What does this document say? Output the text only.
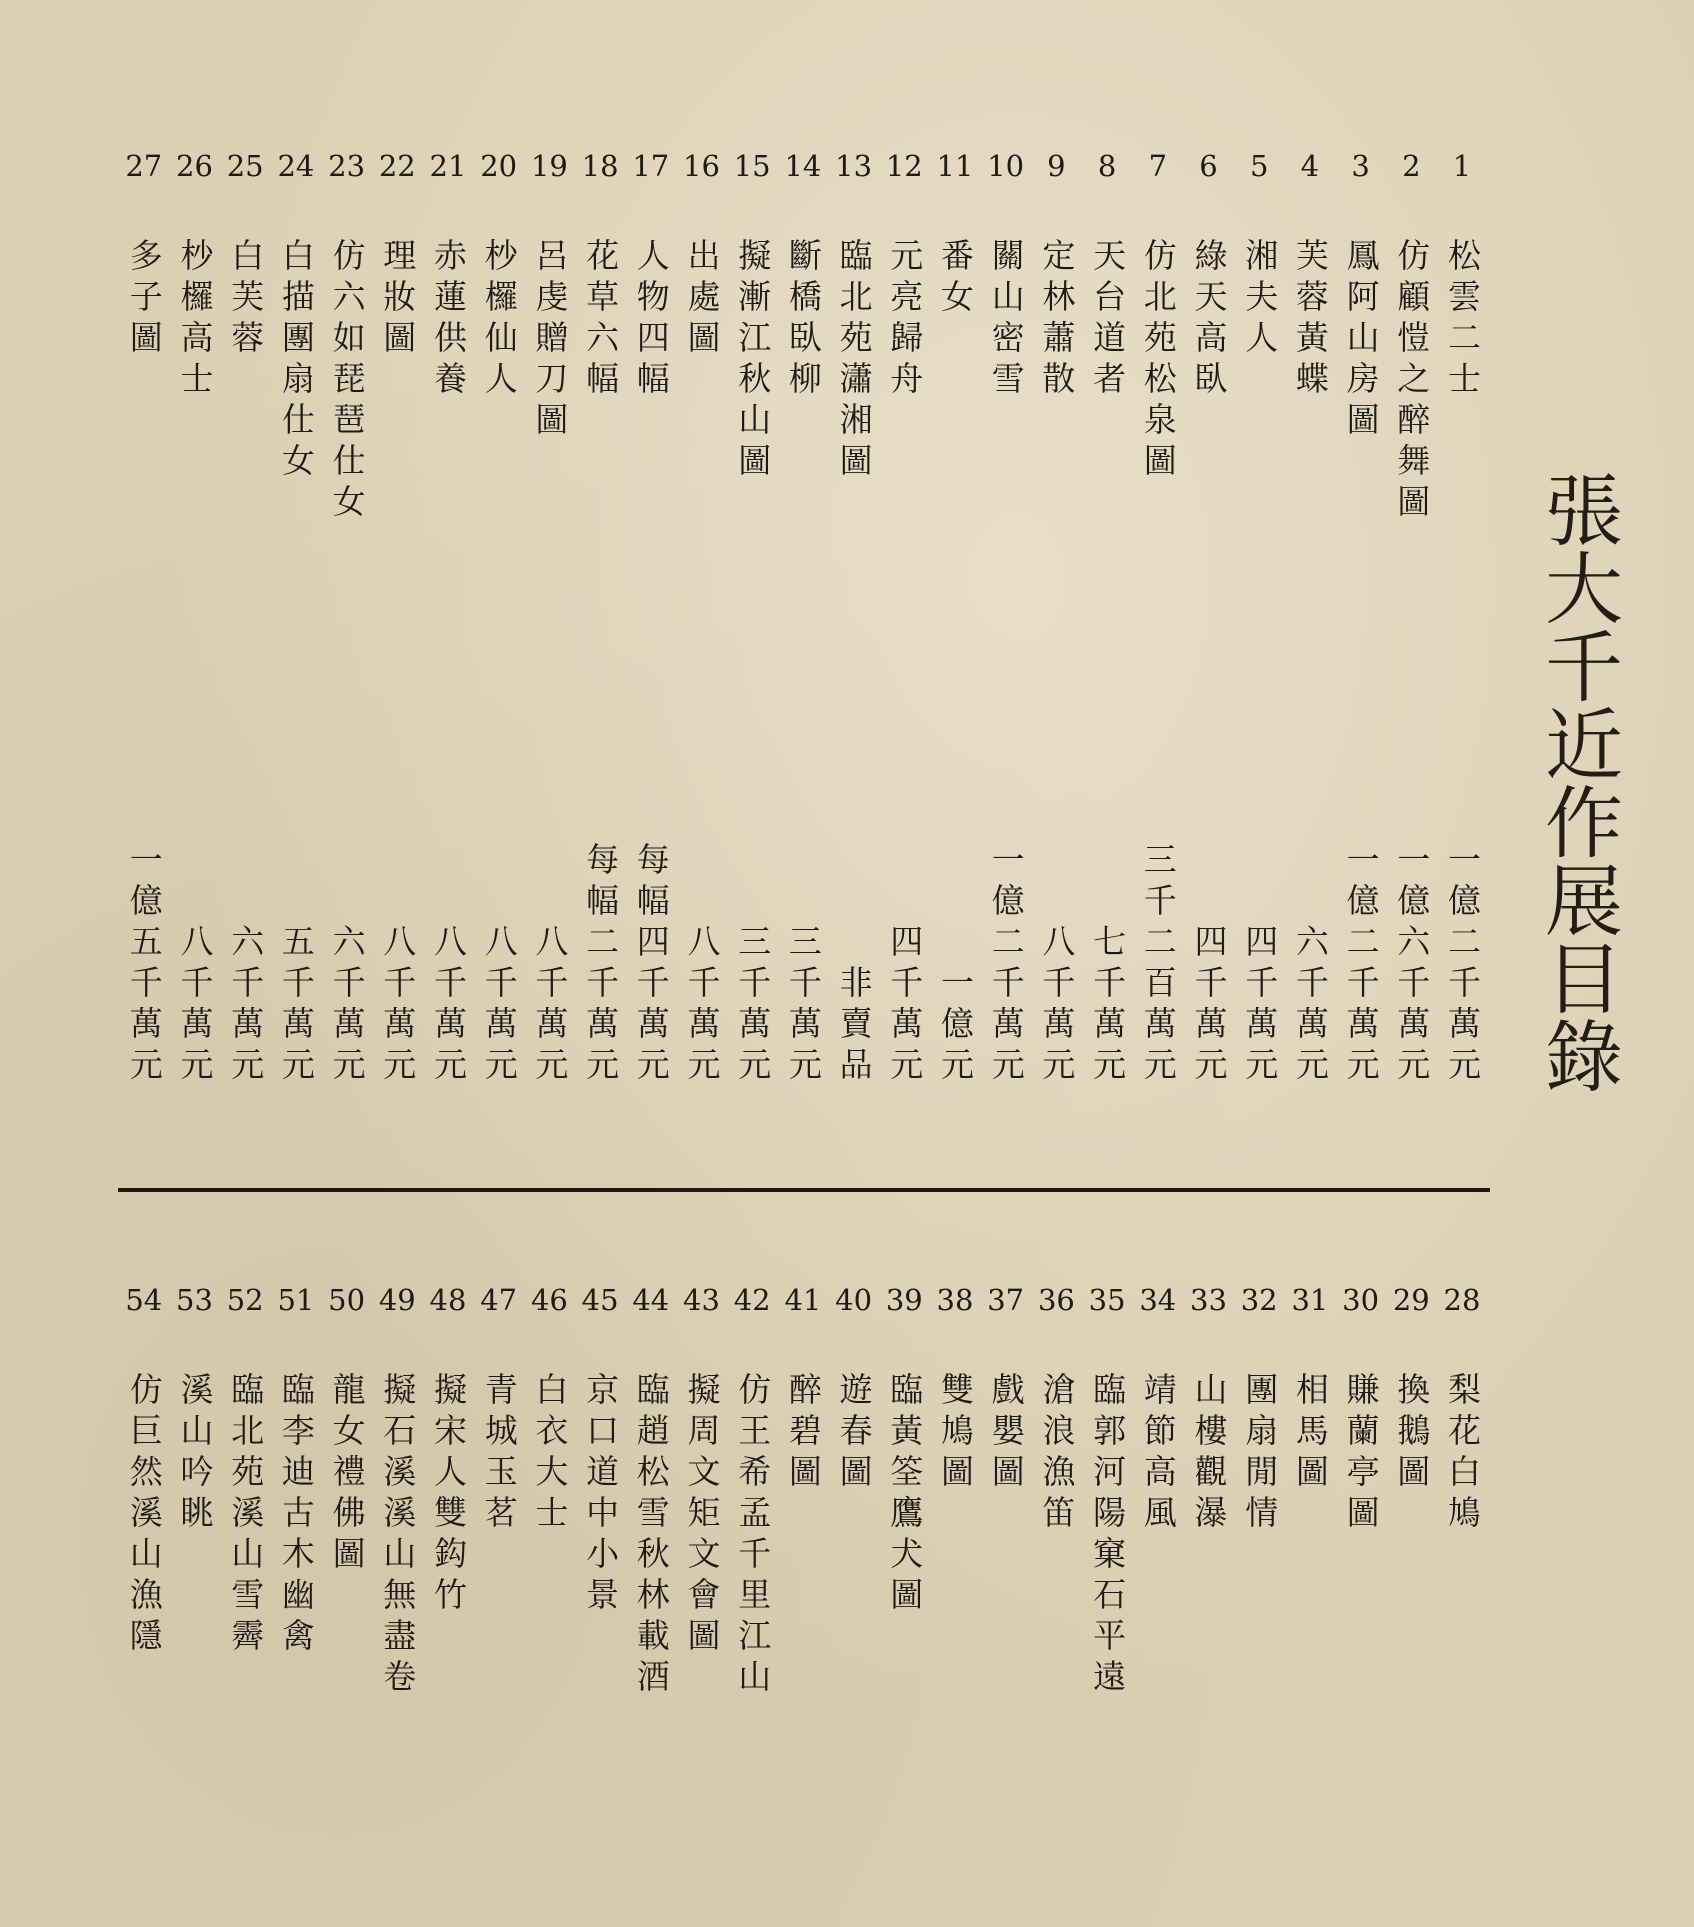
張大千近作展目錄
1
松雲二士
2
仿顧愷之醉舞圖
3
鳳阿山房圖
4
芙蓉黃蝶
5
湘夫人
6
綠天高臥
7
仿北苑松泉圖
8
天台道者
9
定林蕭散
10
關山密雪
11
番女
12
元亮歸舟
13
臨北苑瀟湘圖
14
斷橋臥柳
15
擬漸江秋山圖
16
出處圖
17
人物四幅
18
花草六幅
19
呂虔贈刀圖
20
杪欏仙人
21
赤蓮供養
22
理妝圖
23
仿六如琵琶仕女
24
白描團扇仕女
25
白芙蓉
26
杪欏高士
27
多子圖
一億二千萬元
一億六千萬元
一億二千萬元
六千萬元
四千萬元
四千萬元
三千二百萬元
七千萬元
八千萬元
一億二千萬元
一億元
四千萬元
非賣品
三千萬元
三千萬元
八千萬元
每幅四千萬元
每幅二千萬元
八千萬元
八千萬元
八千萬元
八千萬元
六千萬元
五千萬元
六千萬元
八千萬元
一億五千萬元
28
梨花白鳩
29
換鵝圖
30
賺蘭亭圖
31
相馬圖
32
團扇閒情
33
山樓觀瀑
34
靖節高風
35
臨郭河陽窠石平遠
36
滄浪漁笛
37
戲嬰圖
38
雙鳩圖
39
臨黃筌鷹犬圖
40
遊春圖
41
醉碧圖
42
仿王希孟千里江山
43
擬周文矩文會圖
44
臨趙松雪秋林載酒
45
京口道中小景
46
白衣大士
47
青城玉茗
48
擬宋人雙鈎竹
49
擬石溪溪山無盡卷
50
龍女禮佛圖
51
臨李迪古木幽禽
52
臨北苑溪山雪霽
53
溪山吟眺
54
仿巨然溪山漁隱
